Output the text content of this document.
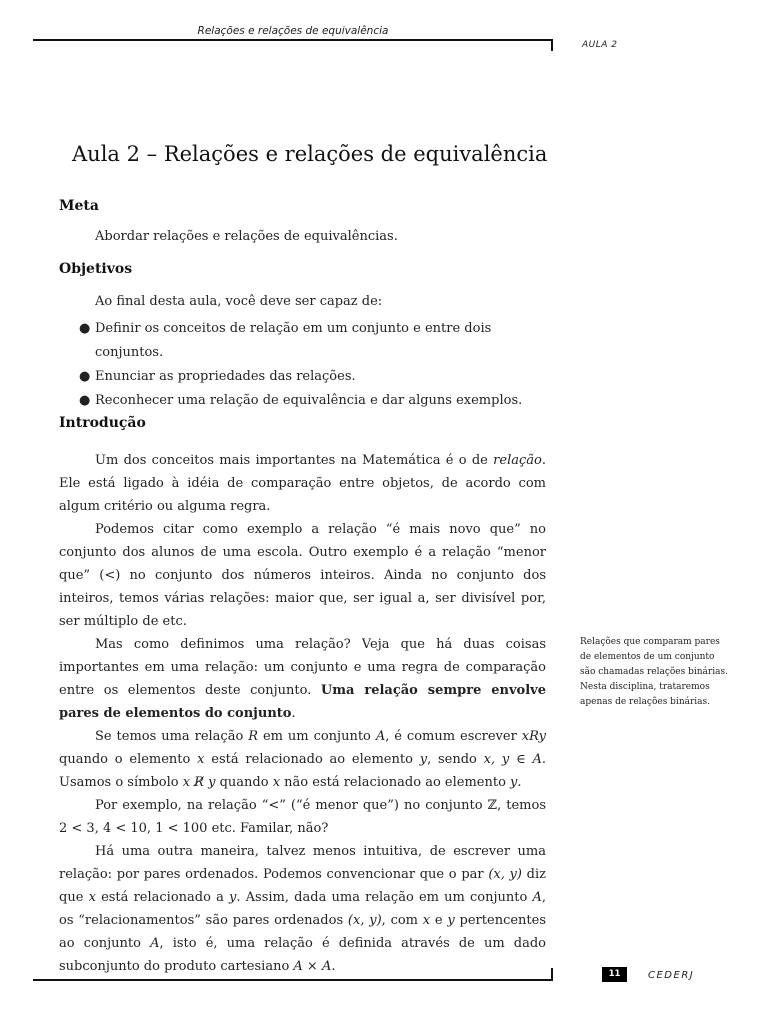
Relações e relações de equivalência
AULA 2
Aula 2 – Relações e relações de equivalência
Meta

Abordar relações e relações de equivalências.

Objetivos

Ao final desta aula, você deve ser capaz de:

● Definir os conceitos de relação em um conjunto e entre dois conjuntos.
● Enunciar as propriedades das relações.
● Reconhecer uma relação de equivalência e dar alguns exemplos.
Introdução

Um dos conceitos mais importantes na Matemática é o de relação. Ele está ligado à idéia de comparação entre objetos, de acordo com algum critério ou alguma regra.

Podemos citar como exemplo a relação “é mais novo que” no conjunto dos alunos de uma escola. Outro exemplo é a relação “menor que” (<) no conjunto dos números inteiros. Ainda no conjunto dos inteiros, temos várias relações: maior que, ser igual a, ser divisível por, ser múltiplo de etc.

Mas como definimos uma relação? Veja que há duas coisas importantes em uma relação: um conjunto e uma regra de comparação entre os elementos deste conjunto. Uma relação sempre envolve pares de elementos do conjunto.

Se temos uma relação R em um conjunto A, é comum escrever xRy quando o elemento x está relacionado ao elemento y, sendo x, y ∈ A. Usamos o símbolo x R̸ y quando x não está relacionado ao elemento y.

Por exemplo, na relação “<” (“é menor que”) no conjunto ℤ, temos 2 < 3, 4 < 10, 1 < 100 etc. Familar, não?

Há uma outra maneira, talvez menos intuitiva, de escrever uma relação: por pares ordenados. Podemos convencionar que o par (x, y) diz que x está relacionado a y. Assim, dada uma relação em um conjunto A, os “relacionamentos” são pares ordenados (x, y), com x e y pertencentes ao conjunto A, isto é, uma relação é definida através de um dado subconjunto do produto cartesiano A × A.

Relações que comparam pares de elementos de um conjunto são chamadas relações binárias. Nesta disciplina, trataremos apenas de relações binárias.
11	CEDERJ
